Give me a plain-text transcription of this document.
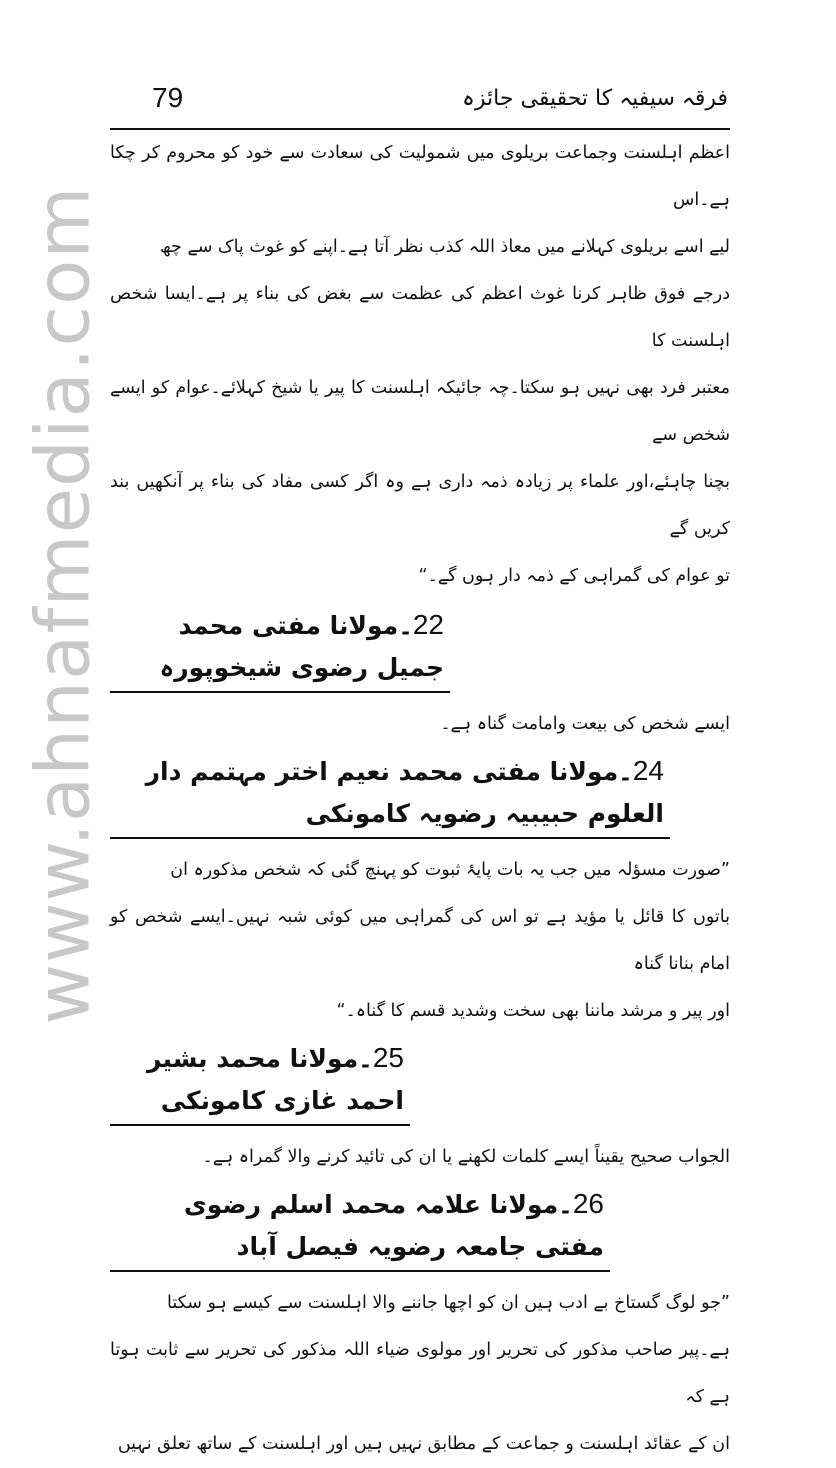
www.ahnafmedia.com
79	فرقہ سیفیہ کا تحقیقی جائزہ

اعظم اہلسنت وجماعت بریلوی میں شمولیت کی سعادت سے خود کو محروم کر چکا ہے۔اس
لیے اسے بریلوی کہلانے میں معاذ اللہ کذب نظر آتا ہے۔اپنے کو غوث پاک سے چھ
درجے فوق ظاہر کرنا غوث اعظم کی عظمت سے بغض کی بناء پر ہے۔ایسا شخص اہلسنت کا
معتبر فرد بھی نہیں ہو سکتا۔چہ جائیکہ اہلسنت کا پیر یا شیخ کہلائے۔عوام کو ایسے شخص سے
بچنا چاہئے،اور علماء پر زیادہ ذمہ داری ہے وہ اگر کسی مفاد کی بناء پر آنکھیں بند کریں گے
تو عوام کی گمراہی کے ذمہ دار ہوں گے۔“

22۔مولانا مفتی محمد جمیل رضوی شیخوپورہ

ایسے شخص کی بیعت وامامت گناہ ہے۔

24۔مولانا مفتی محمد نعیم اختر مہتمم دار العلوم حبیبیہ رضویہ کامونکی

”صورت مسؤلہ میں جب یہ بات پایۂ ثبوت کو پہنچ گئی کہ شخص مذکورہ ان
باتوں کا قائل یا مؤید ہے تو اس کی گمراہی میں کوئی شبہ نہیں۔ایسے شخص کو امام بنانا گناہ
اور پیر و مرشد ماننا بھی سخت وشدید قسم کا گناہ۔“

25۔مولانا محمد بشیر احمد غازی کامونکی

الجواب صحیح یقیناً ایسے کلمات لکھنے یا ان کی تائید کرنے والا گمراہ ہے۔

26۔مولانا علامہ محمد اسلم رضوی مفتی جامعہ رضویہ فیصل آباد

”جو لوگ گستاخ بے ادب ہیں ان کو اچھا جاننے والا اہلسنت سے کیسے ہو سکتا
ہے۔پیر صاحب مذکور کی تحریر اور مولوی ضیاء اللہ مذکور کی تحریر سے ثابت ہوتا ہے کہ
ان کے عقائد اہلسنت و جماعت کے مطابق نہیں ہیں اور اہلسنت کے ساتھ تعلق نہیں
